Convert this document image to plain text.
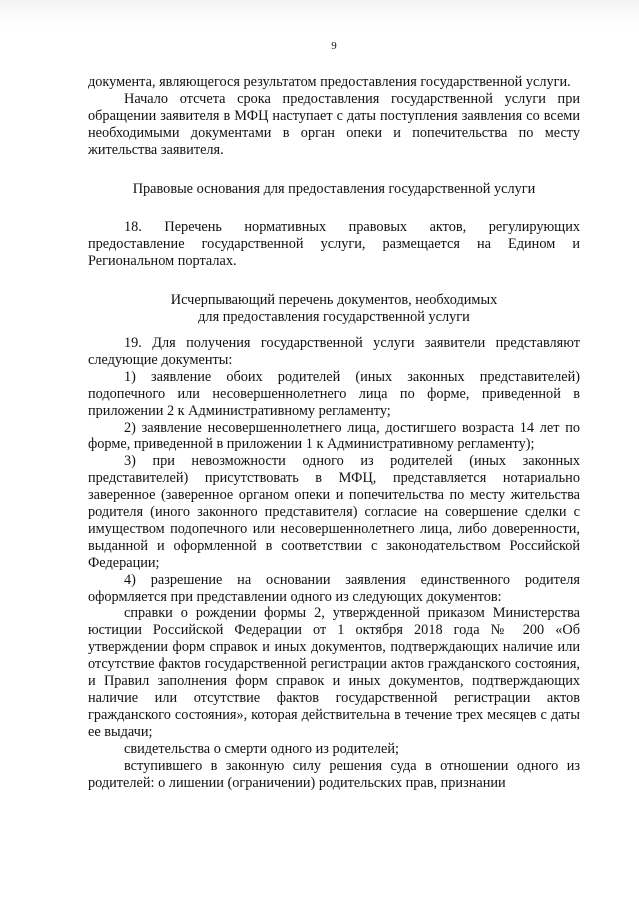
9

документа, являющегося результатом предоставления государственной услуги.

Начало отсчета срока предоставления государственной услуги при обращении заявителя в МФЦ наступает с даты поступления заявления со всеми необходимыми документами в орган опеки и попечительства по месту жительства заявителя.

Правовые основания для предоставления государственной услуги

18. Перечень нормативных правовых актов, регулирующих предоставление государственной услуги, размещается на Едином и Региональном порталах.

Исчерпывающий перечень документов, необходимых
для предоставления государственной услуги

19. Для получения государственной услуги заявители представляют следующие документы:

1) заявление обоих родителей (иных законных представителей) подопечного или несовершеннолетнего лица по форме, приведенной в приложении 2 к Административному регламенту;

2) заявление несовершеннолетнего лица, достигшего возраста 14 лет по форме, приведенной в приложении 1 к Административному регламенту);

3) при невозможности одного из родителей (иных законных представителей) присутствовать в МФЦ, представляется нотариально заверенное (заверенное органом опеки и попечительства по месту жительства родителя (иного законного представителя) согласие на совершение сделки с имуществом подопечного или несовершеннолетнего лица, либо доверенности, выданной и оформленной в соответствии с законодательством Российской Федерации;

4) разрешение на основании заявления единственного родителя оформляется при представлении одного из следующих документов:

справки о рождении формы 2, утвержденной приказом Министерства юстиции Российской Федерации от 1 октября 2018 года № 200 «Об утверждении форм справок и иных документов, подтверждающих наличие или отсутствие фактов государственной регистрации актов гражданского состояния, и Правил заполнения форм справок и иных документов, подтверждающих наличие или отсутствие фактов государственной регистрации актов гражданского состояния», которая действительна в течение трех месяцев с даты ее выдачи;

свидетельства о смерти одного из родителей;

вступившего в законную силу решения суда в отношении одного из родителей: о лишении (ограничении) родительских прав, признании
